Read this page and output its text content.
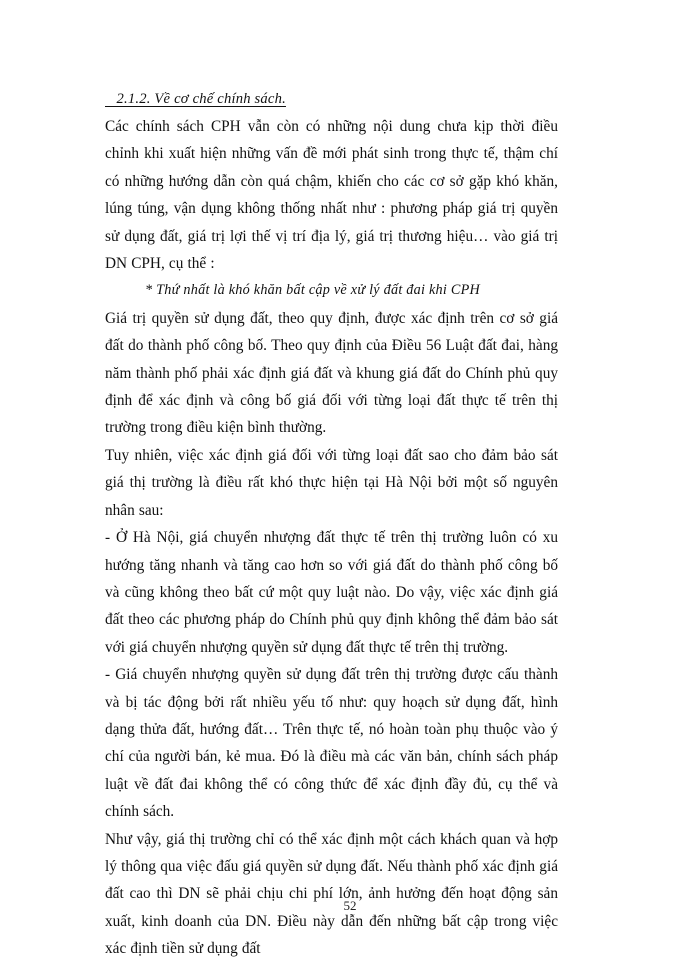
2.1.2. Về cơ chế chính sách.

Các chính sách CPH vẫn còn có những nội dung chưa kịp thời điều chỉnh khi xuất hiện những vấn đề mới phát sinh trong thực tế, thậm chí có những hướng dẫn còn quá chậm, khiến cho các cơ sở gặp khó khăn, lúng túng, vận dụng không thống nhất như : phương pháp giá trị quyền sử dụng đất, giá trị lợi thế vị trí địa lý, giá trị thương hiệu… vào giá trị DN CPH, cụ thể :

* Thứ nhất là khó khăn bất cập về xử lý đất đai khi CPH

Giá trị quyền sử dụng đất, theo quy định, được xác định trên cơ sở giá đất do thành phố công bố. Theo quy định của Điều 56 Luật đất đai, hàng năm thành phố phải xác định giá đất và khung giá đất do Chính phủ quy định để xác định và công bố giá đối với từng loại đất thực tế trên thị trường trong điều kiện bình thường.

Tuy nhiên, việc xác định giá đối với từng loại đất sao cho đảm bảo sát giá thị trường là điều rất khó thực hiện tại Hà Nội bởi một số nguyên nhân sau:

- Ở Hà Nội, giá chuyển nhượng đất thực tế trên thị trường luôn có xu hướng tăng nhanh và tăng cao hơn so với giá đất do thành phố công bố và cũng không theo bất cứ một quy luật nào. Do vậy, việc xác định giá đất theo các phương pháp do Chính phủ quy định không thể đảm bảo sát với giá chuyển nhượng quyền sử dụng đất thực tế trên thị trường.

- Giá chuyển nhượng quyền sử dụng đất trên thị trường được cấu thành và bị tác động bởi rất nhiều yếu tố như: quy hoạch sử dụng đất, hình dạng thửa đất, hướng đất… Trên thực tế, nó hoàn toàn phụ thuộc vào ý chí của người bán, kẻ mua. Đó là điều mà các văn bản, chính sách pháp luật về đất đai không thể có công thức để xác định đầy đủ, cụ thể và chính sách.

Như vậy, giá thị trường chỉ có thể xác định một cách khách quan và hợp lý thông qua việc đấu giá quyền sử dụng đất. Nếu thành phố xác định giá đất cao thì DN sẽ phải chịu chi phí lớn, ảnh hưởng đến hoạt động sản xuất, kinh doanh của DN. Điều này dẫn đến những bất cập trong việc xác định tiền sử dụng đất

52
